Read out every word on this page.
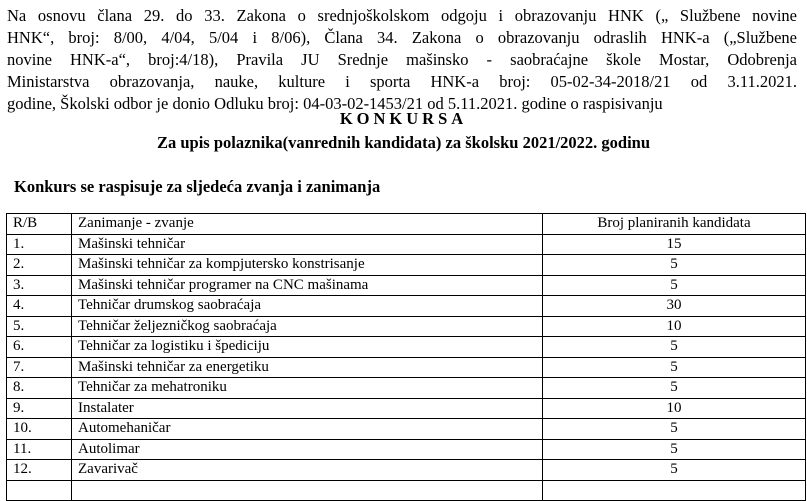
Na osnovu člana 29. do 33. Zakona o srednjoškolskom odgoju i obrazovanju HNK („ Službene novine
HNK“, broj: 8/00, 4/04, 5/04 i 8/06), Člana 34. Zakona o obrazovanju odraslih HNK-a („Službene
novine HNK-a“, broj:4/18), Pravila JU Srednje mašinsko - saobraćajne škole Mostar, Odobrenja
Ministarstva obrazovanja, nauke, kulture i sporta HNK-a broj: 05-02-34-2018/21 od 3.11.2021.
godine, Školski odbor je donio Odluku broj: 04-03-02-1453/21 od 5.11.2021. godine o raspisivanju
KONKURSA
Za upis polaznika(vanrednih kandidata) za školsku 2021/2022. godinu
Konkurs se raspisuje za sljedeća zvanja i zanimanja
R/B	Zanimanje - zvanje	Broj planiranih kandidata
1.	Mašinski tehničar	15
2.	Mašinski tehničar za kompjutersko konstrisanje	5
3.	Mašinski tehničar programer na CNC mašinama	5
4.	Tehničar drumskog saobraćaja	30
5.	Tehničar željezničkog saobraćaja	10
6.	Tehničar za logistiku i špediciju	5
7.	Mašinski tehničar za energetiku	5
8.	Tehničar za mehatroniku	5
9.	Instalater	10
10.	Automehaničar	5
11.	Autolimar	5
12.	Zavarivač	5
